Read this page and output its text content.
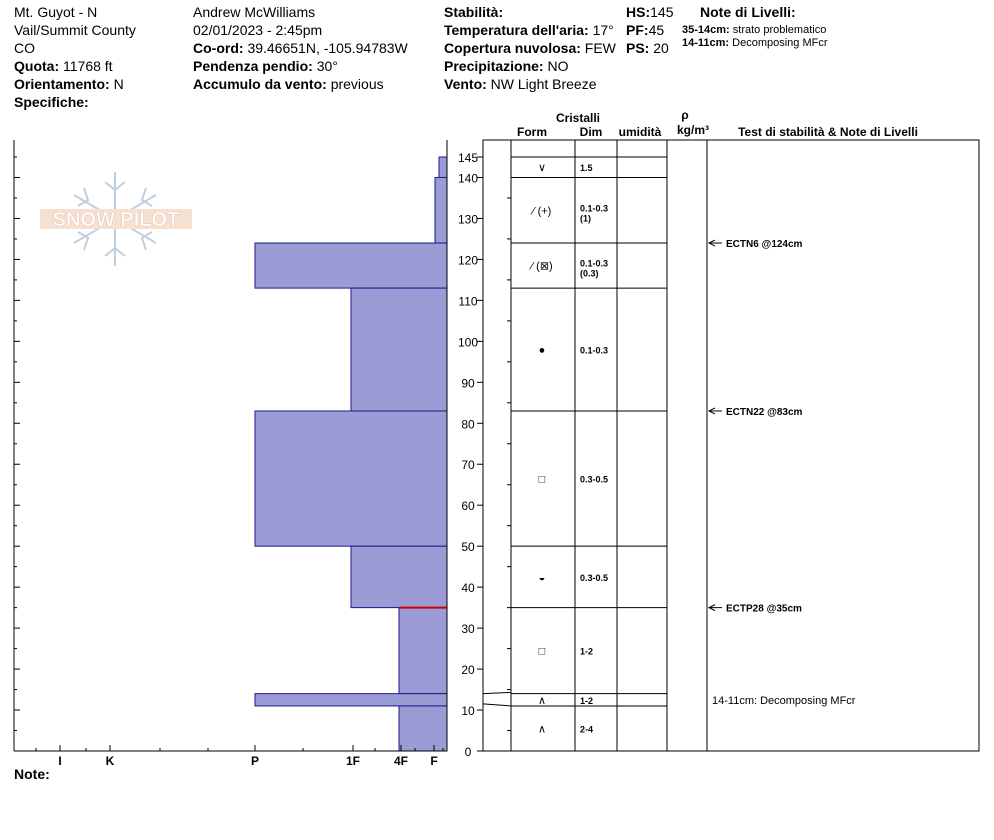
Mt. Guyot - N
Vail/Summit County
CO
Quota: 11768 ft
Orientamento: N
Specifiche:
Andrew McWilliams
02/01/2023 - 2:45pm
Co-ord: 39.46651N, -105.94783W
Pendenza pendio: 30°
Accumulo da vento: previous
Stabilità:
Temperatura dell'aria: 17°
Copertura nuvolosa: FEW
Precipitazione: NO
Vento: NW Light Breeze
HS:145
PF:45
PS: 20
Note di Livelli:
35-14cm: strato problematico
14-11cm: Decomposing MFcr
Note:
SNOW PILOT
I	K	P	1F	4F F
0
10
20
30
40
50
60
70
80
90
100
110
120
130
140
145
Cristalli
Form	Dim umidità
ρ
kg/m³ Test di stabilità & Note di Livelli
∨	1.5
⁄ (+)	0.1-0.3
(1)
⁄ (⊠)	0.1-0.3
(0.3)
●	0.1-0.3
□	0.3-0.5
◒	0.3-0.5
□	1-2
∧	1-2
∧	2-4
ECTN6 @124cm
ECTN22 @83cm
ECTP28 @35cm
14-11cm: Decomposing MFcr
